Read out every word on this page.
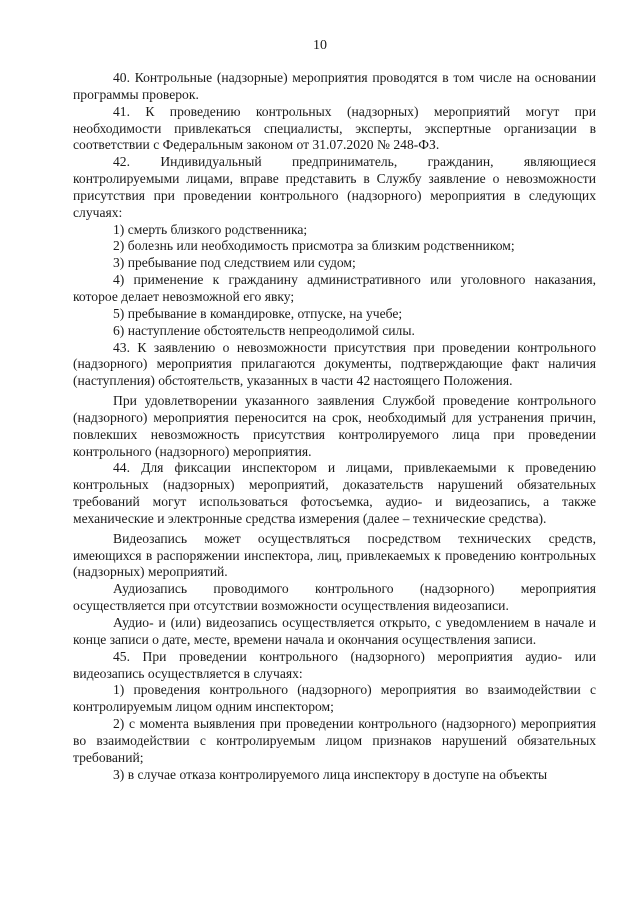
10

40. Контрольные (надзорные) мероприятия проводятся в том числе на основании программы проверок.

41. К проведению контрольных (надзорных) мероприятий могут при необходимости привлекаться специалисты, эксперты, экспертные организации в соответствии с Федеральным законом от 31.07.2020 № 248-ФЗ.

42. Индивидуальный предприниматель, гражданин, являющиеся контролируемыми лицами, вправе представить в Службу заявление о невозможности присутствия при проведении контрольного (надзорного) мероприятия в следующих случаях:

1) смерть близкого родственника;

2) болезнь или необходимость присмотра за близким родственником;

3) пребывание под следствием или судом;

4) применение к гражданину административного или уголовного наказания, которое делает невозможной его явку;

5) пребывание в командировке, отпуске, на учебе;

6) наступление обстоятельств непреодолимой силы.

43. К заявлению о невозможности присутствия при проведении контрольного (надзорного) мероприятия прилагаются документы, подтверждающие факт наличия (наступления) обстоятельств, указанных в части 42 настоящего Положения.

При удовлетворении указанного заявления Службой проведение контрольного (надзорного) мероприятия переносится на срок, необходимый для устранения причин, повлекших невозможность присутствия контролируемого лица при проведении контрольного (надзорного) мероприятия.

44. Для фиксации инспектором и лицами, привлекаемыми к проведению контрольных (надзорных) мероприятий, доказательств нарушений обязательных требований могут использоваться фотосъемка, аудио- и видеозапись, а также механические и электронные средства измерения (далее – технические средства).

Видеозапись может осуществляться посредством технических средств, имеющихся в распоряжении инспектора, лиц, привлекаемых к проведению контрольных (надзорных) мероприятий.

Аудиозапись проводимого контрольного (надзорного) мероприятия осуществляется при отсутствии возможности осуществления видеозаписи.

Аудио- и (или) видеозапись осуществляется открыто, с уведомлением в начале и конце записи о дате, месте, времени начала и окончания осуществления записи.

45. При проведении контрольного (надзорного) мероприятия аудио- или видеозапись осуществляется в случаях:

1) проведения контрольного (надзорного) мероприятия во взаимодействии с контролируемым лицом одним инспектором;

2) с момента выявления при проведении контрольного (надзорного) мероприятия во взаимодействии с контролируемым лицом признаков нарушений обязательных требований;

3) в случае отказа контролируемого лица инспектору в доступе на объекты
